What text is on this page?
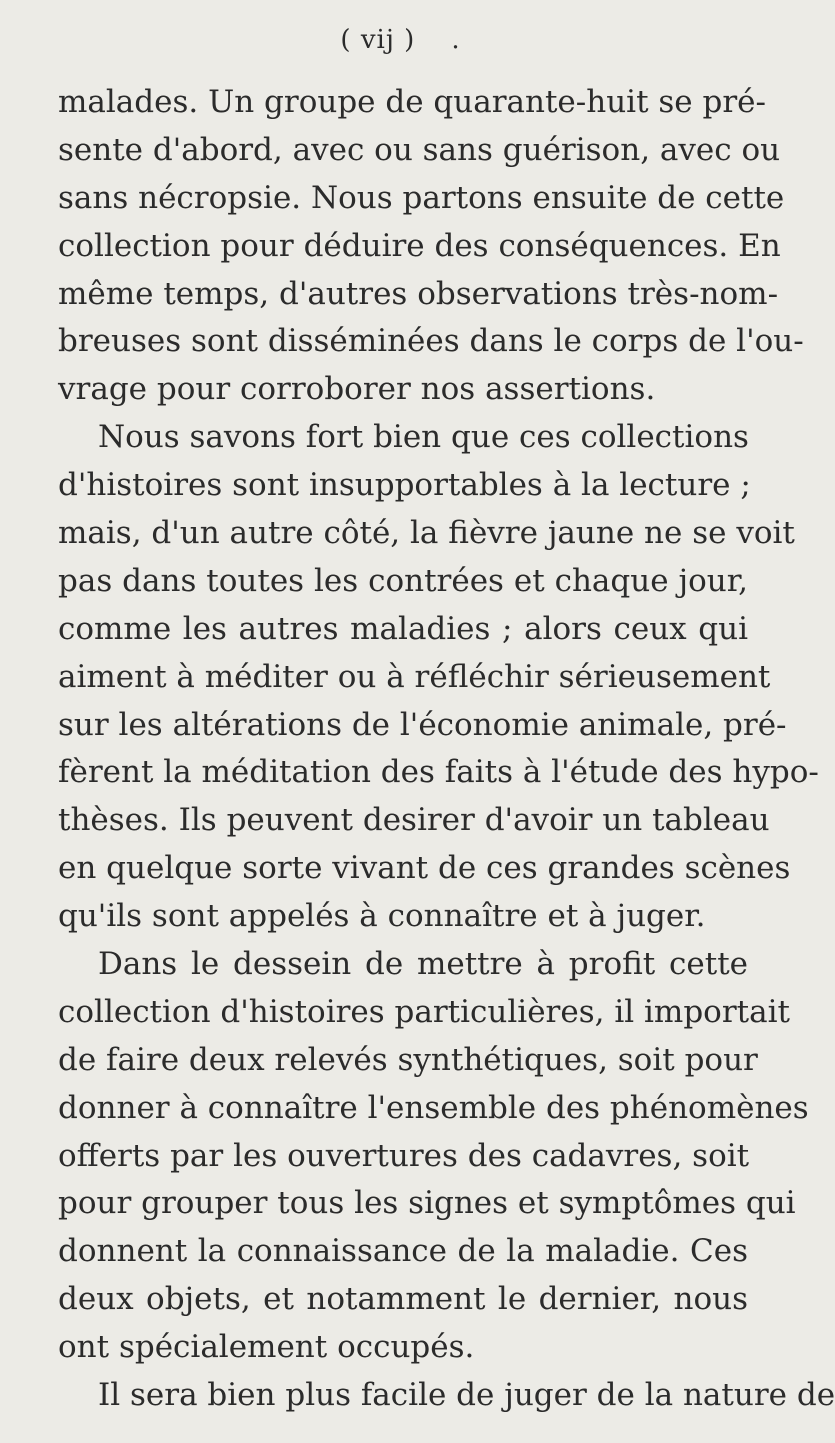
( vij ) .
malades. Un groupe de quarante-huit se pré-
sente d'abord, avec ou sans guérison, avec ou
sans nécropsie. Nous partons ensuite de cette
collection pour déduire des conséquences. En
même temps, d'autres observations très-nom-
breuses sont disséminées dans le corps de l'ou-
vrage pour corroborer nos assertions.
Nous savons fort bien que ces collections
d'histoires sont insupportables à la lecture ;
mais, d'un autre côté, la fièvre jaune ne se voit
pas dans toutes les contrées et chaque jour,
comme les autres maladies ; alors ceux qui
aiment à méditer ou à réfléchir sérieusement
sur les altérations de l'économie animale, pré-
fèrent la méditation des faits à l'étude des hypo-
thèses. Ils peuvent desirer d'avoir un tableau
en quelque sorte vivant de ces grandes scènes
qu'ils sont appelés à connaître et à juger.
Dans le dessein de mettre à profit cette
collection d'histoires particulières, il importait
de faire deux relevés synthétiques, soit pour
donner à connaître l'ensemble des phénomènes
offerts par les ouvertures des cadavres, soit
pour grouper tous les signes et symptômes qui
donnent la connaissance de la maladie. Ces
deux objets, et notamment le dernier, nous
ont spécialement occupés.
Il sera bien plus facile de juger de la nature de
